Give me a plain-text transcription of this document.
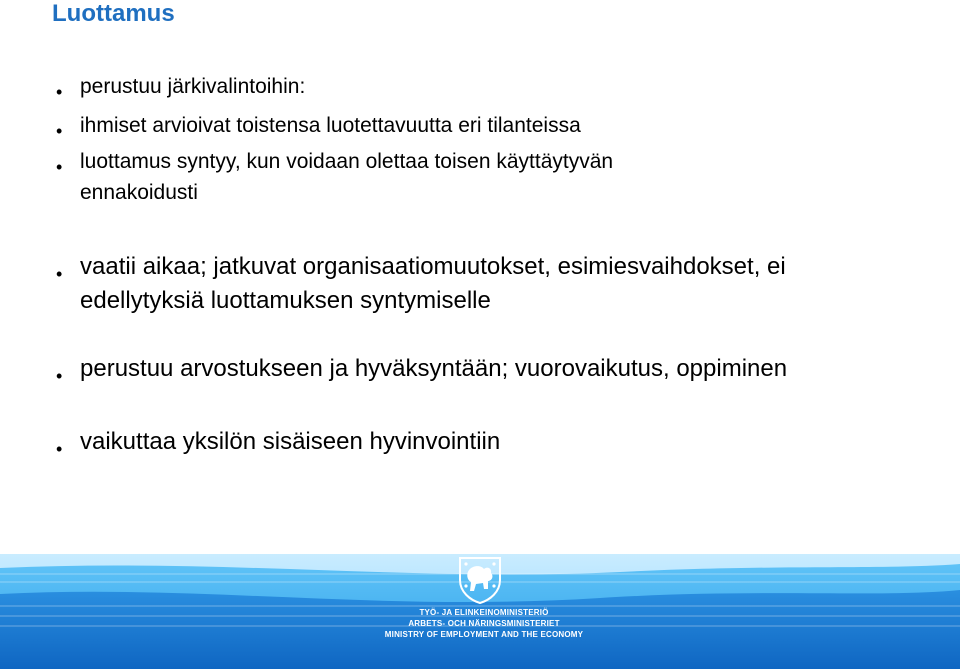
Luottamus
• perustuu järkivalintoihin:
• ihmiset arvioivat toistensa luotettavuutta eri tilanteissa
• luottamus syntyy, kun voidaan olettaa toisen käyttäytyvän
ennakoidusti
• vaatii aikaa; jatkuvat organisaatiomuutokset, esimiesvaihdokset, ei
edellytyksiä luottamuksen syntymiselle
• perustuu arvostukseen ja hyväksyntään; vuorovaikutus, oppiminen
• vaikuttaa yksilön sisäiseen hyvinvointiin
TYÖ- JA ELINKEINOMINISTERIÖ
ARBETS- OCH NÄRINGSMINISTERIET
MINISTRY OF EMPLOYMENT AND THE ECONOMY
